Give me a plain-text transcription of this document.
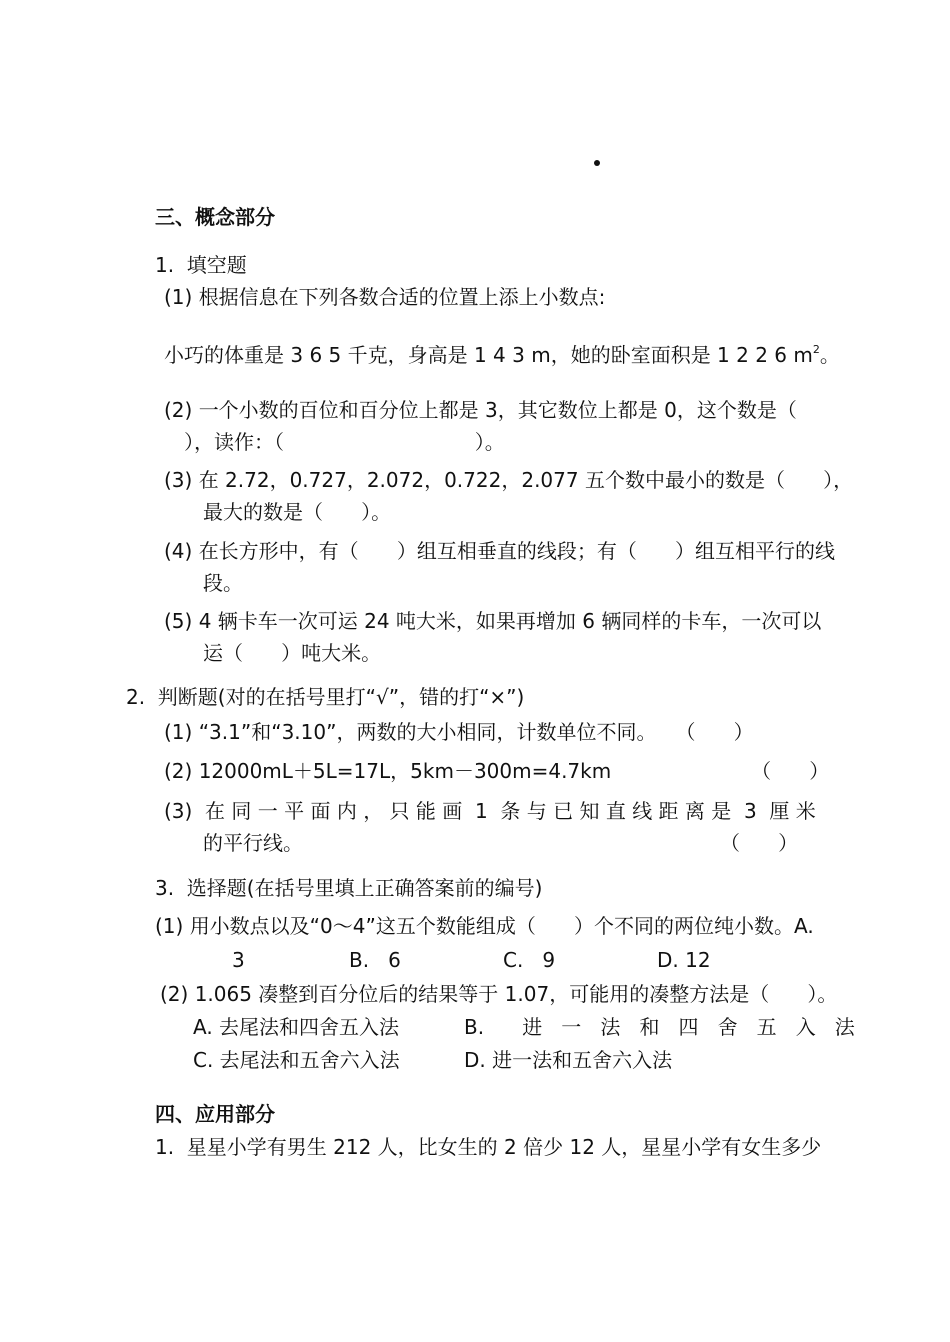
三、概念部分
1.  填空题
(1) 根据信息在下列各数合适的位置上添上小数点:
小巧的体重是 3 6 5 千克，身高是 1 4 3 m，她的卧室面积是 1 2 2 6 $m^2$。
(2) 一个小数的百位和百分位上都是 3，其它数位上都是 0，这个数是（
），读作：（                              ）。
(3) 在 2.72，0.727，2.072，0.722，2.077 五个数中最小的数是（      ），
最大的数是（      ）。
(4) 在长方形中，有（      ）组互相垂直的线段；有（      ）组互相平行的线
段。
(5) 4 辆卡车一次可运 24 吨大米，如果再增加 6 辆同样的卡车，一次可以
运（      ）吨大米。
2.  判断题(对的在括号里打“√”，错的打“×”)
(1) “3.1”和“3.10”，两数的大小相同，计数单位不同。   （      ）
(2) 12000mL＋5L=17L，5km－300m=4.7km                      （      ）
(3)  在 同 一 平 面 内 ， 只 能 画  1  条 与 已 知 直 线 距 离 是  3  厘 米
的平行线。	（      ）
3.  选择题(在括号里填上正确答案前的编号)
(1) 用小数点以及“0～4”这五个数能组成（      ）个不同的两位纯小数。A.
3	B.   6	C.   9	D. 12
(2) 1.065 凑整到百分位后的结果等于 1.07，可能用的凑整方法是（      ）。
A. 去尾法和四舍五入法	B.      进   一   法   和   四   舍   五   入   法
C. 去尾法和五舍六入法	D. 进一法和五舍六入法
四、应用部分
1.  星星小学有男生 212 人，比女生的 2 倍少 12 人，星星小学有女生多少
